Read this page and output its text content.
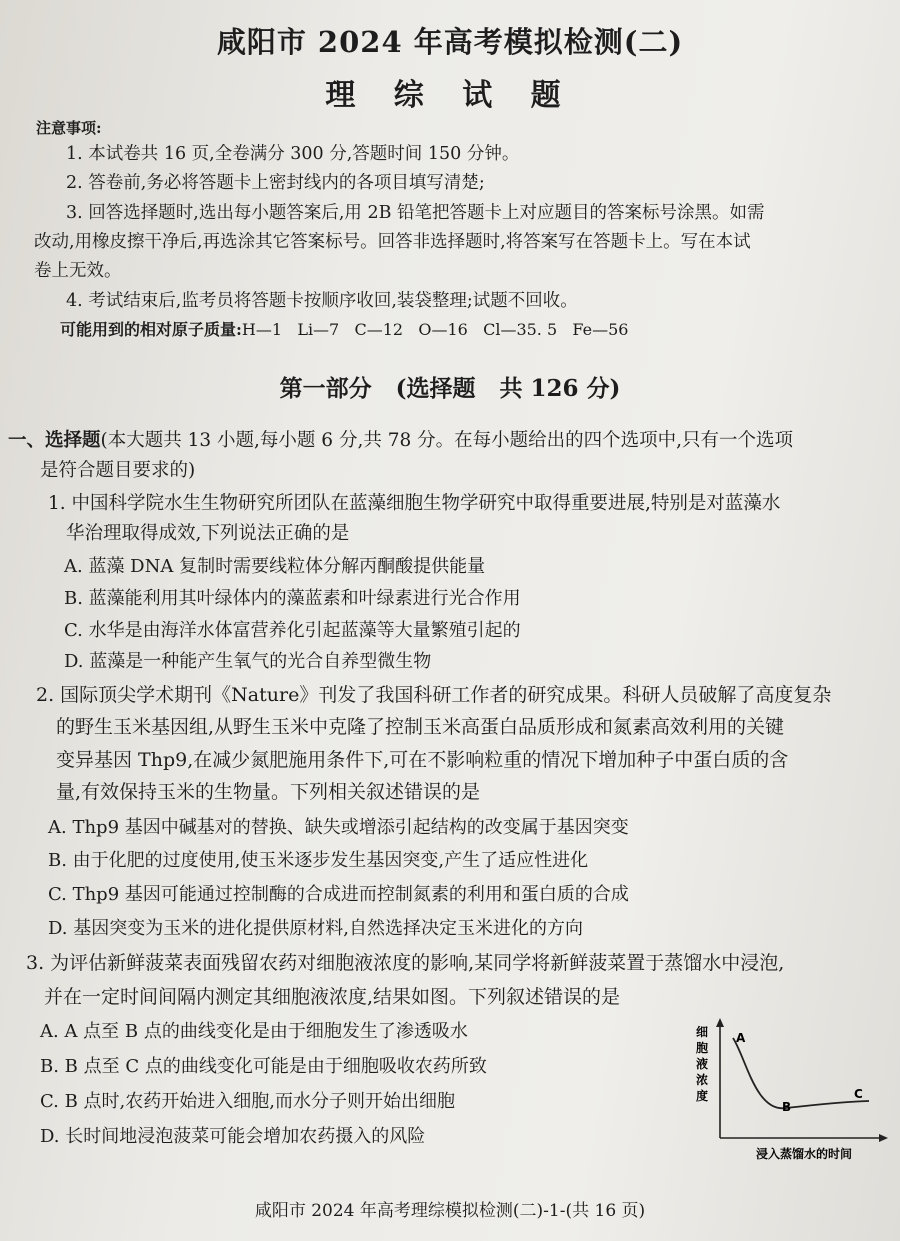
咸阳市 2024 年高考模拟检测(二)
理 综 试 题
注意事项:
1. 本试卷共 16 页,全卷满分 300 分,答题时间 150 分钟。
2. 答卷前,务必将答题卡上密封线内的各项目填写清楚;
3. 回答选择题时,选出每小题答案后,用 2B 铅笔把答题卡上对应题目的答案标号涂黑。如需
改动,用橡皮擦干净后,再选涂其它答案标号。回答非选择题时,将答案写在答题卡上。写在本试
卷上无效。
4. 考试结束后,监考员将答题卡按顺序收回,装袋整理;试题不回收。
可能用到的相对原子质量:H—1   Li—7   C—12   O—16   Cl—35. 5   Fe—56
第一部分   (选择题   共 126 分)
一、选择题(本大题共 13 小题,每小题 6 分,共 78 分。在每小题给出的四个选项中,只有一个选项
是符合题目要求的)
1. 中国科学院水生生物研究所团队在蓝藻细胞生物学研究中取得重要进展,特别是对蓝藻水
华治理取得成效,下列说法正确的是
A. 蓝藻 DNA 复制时需要线粒体分解丙酮酸提供能量
B. 蓝藻能利用其叶绿体内的藻蓝素和叶绿素进行光合作用
C. 水华是由海洋水体富营养化引起蓝藻等大量繁殖引起的
D. 蓝藻是一种能产生氧气的光合自养型微生物
2. 国际顶尖学术期刊《Nature》刊发了我国科研工作者的研究成果。科研人员破解了高度复杂
的野生玉米基因组,从野生玉米中克隆了控制玉米高蛋白品质形成和氮素高效利用的关键
变异基因 Thp9,在减少氮肥施用条件下,可在不影响粒重的情况下增加种子中蛋白质的含
量,有效保持玉米的生物量。下列相关叙述错误的是
A. Thp9 基因中碱基对的替换、缺失或增添引起结构的改变属于基因突变
B. 由于化肥的过度使用,使玉米逐步发生基因突变,产生了适应性进化
C. Thp9 基因可能通过控制酶的合成进而控制氮素的利用和蛋白质的合成
D. 基因突变为玉米的进化提供原材料,自然选择决定玉米进化的方向
3. 为评估新鲜菠菜表面残留农药对细胞液浓度的影响,某同学将新鲜菠菜置于蒸馏水中浸泡,
并在一定时间间隔内测定其细胞液浓度,结果如图。下列叙述错误的是
A. A 点至 B 点的曲线变化是由于细胞发生了渗透吸水
B. B 点至 C 点的曲线变化可能是由于细胞吸收农药所致
C. B 点时,农药开始进入细胞,而水分子则开始出细胞
D. 长时间地浸泡菠菜可能会增加农药摄入的风险
细
胞
液
浓
度
A
B
C
浸入蒸馏水的时间
咸阳市 2024 年高考理综模拟检测(二)-1-(共 16 页)
